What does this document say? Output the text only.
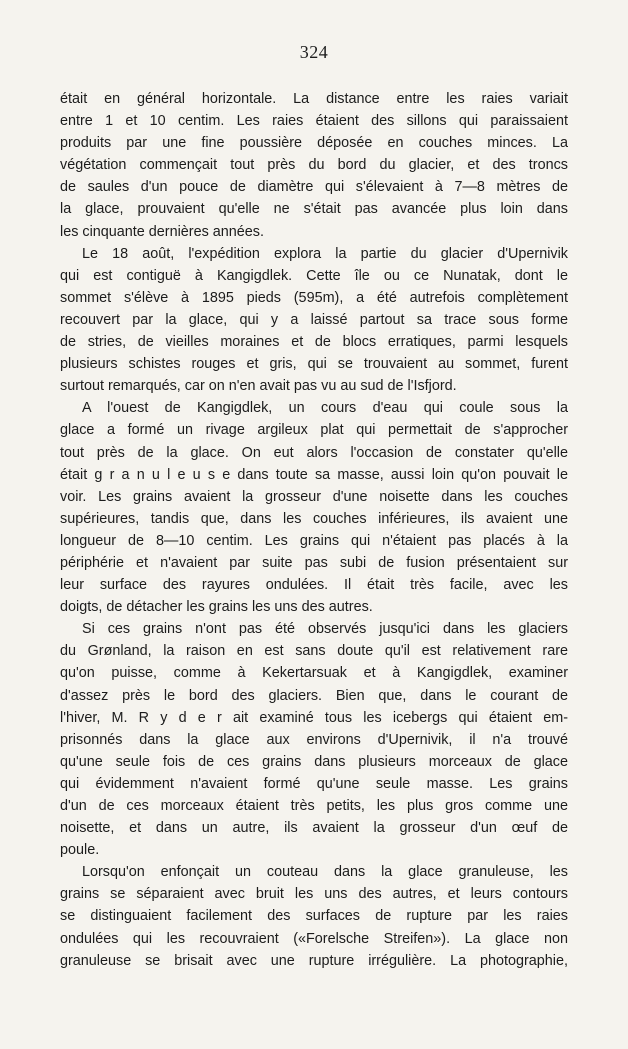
324
était en général horizontale. La distance entre les raies variait
entre 1 et 10 centim. Les raies étaient des sillons qui paraissaient
produits par une fine poussière déposée en couches minces. La
végétation commençait tout près du bord du glacier, et des troncs
de saules d'un pouce de diamètre qui s'élevaient à 7—8 mètres de
la glace, prouvaient qu'elle ne s'était pas avancée plus loin dans
les cinquante dernières années.
Le 18 août, l'expédition explora la partie du glacier d'Upernivik
qui est contiguë à Kangigdlek. Cette île ou ce Nunatak, dont le
sommet s'élève à 1895 pieds (595m), a été autrefois complètement
recouvert par la glace, qui y a laissé partout sa trace sous forme
de stries, de vieilles moraines et de blocs erratiques, parmi lesquels
plusieurs schistes rouges et gris, qui se trouvaient au sommet, furent
surtout remarqués, car on n'en avait pas vu au sud de l'Isfjord.
A l'ouest de Kangigdlek, un cours d'eau qui coule sous la
glace a formé un rivage argileux plat qui permettait de s'approcher
tout près de la glace. On eut alors l'occasion de constater qu'elle
était g r a n u l e u s e dans toute sa masse, aussi loin qu'on pouvait le
voir. Les grains avaient la grosseur d'une noisette dans les couches
supérieures, tandis que, dans les couches inférieures, ils avaient une
longueur de 8—10 centim. Les grains qui n'étaient pas placés à la
périphérie et n'avaient par suite pas subi de fusion présentaient sur
leur surface des rayures ondulées. Il était très facile, avec les
doigts, de détacher les grains les uns des autres.
Si ces grains n'ont pas été observés jusqu'ici dans les glaciers
du Grønland, la raison en est sans doute qu'il est relativement rare
qu'on puisse, comme à Kekertarsuak et à Kangigdlek, examiner
d'assez près le bord des glaciers. Bien que, dans le courant de
l'hiver, M. R y d e r ait examiné tous les icebergs qui étaient em-
prisonnés dans la glace aux environs d'Upernivik, il n'a trouvé
qu'une seule fois de ces grains dans plusieurs morceaux de glace
qui évidemment n'avaient formé qu'une seule masse. Les grains
d'un de ces morceaux étaient très petits, les plus gros comme une
noisette, et dans un autre, ils avaient la grosseur d'un œuf de
poule.
Lorsqu'on enfonçait un couteau dans la glace granuleuse, les
grains se séparaient avec bruit les uns des autres, et leurs contours
se distinguaient facilement des surfaces de rupture par les raies
ondulées qui les recouvraient («Forelsche Streifen»). La glace non
granuleuse se brisait avec une rupture irrégulière. La photographie,
